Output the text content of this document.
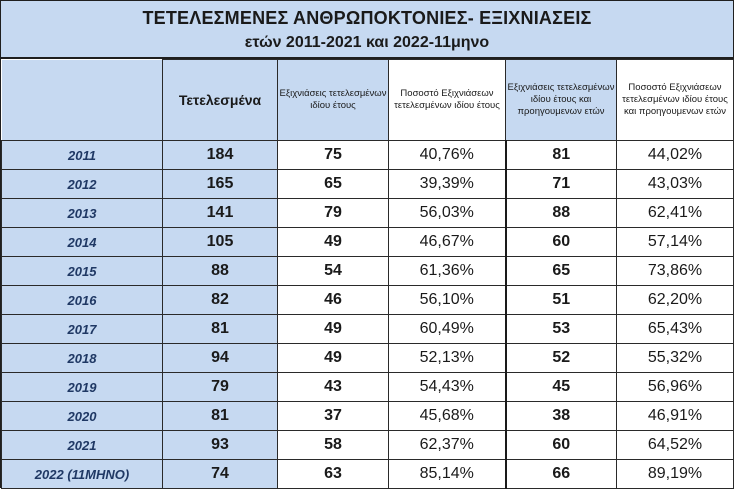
ΤΕΤΕΛΕΣΜΕΝΕΣ ΑΝΘΡΩΠΟΚΤΟΝΙΕΣ- ΕΞΙΧΝΙΑΣΕΙΣ
ετών 2011-2021 και 2022-11μηνο
	Τετελεσμένα	Εξιχνιάσεις τετελεσμένων ιδίου έτους	Ποσοστό Εξιχνιάσεων τετελεσμένων ιδίου έτους	Εξιχνιάσεις τετελεσμένων ιδίου έτους και προηγουμενων ετών	Ποσοστό Εξιχνιάσεων τετελεσμένων ιδίου έτους και προηγουμενων ετών
2011	184	75	40,76%	81	44,02%
2012	165	65	39,39%	71	43,03%
2013	141	79	56,03%	88	62,41%
2014	105	49	46,67%	60	57,14%
2015	88	54	61,36%	65	73,86%
2016	82	46	56,10%	51	62,20%
2017	81	49	60,49%	53	65,43%
2018	94	49	52,13%	52	55,32%
2019	79	43	54,43%	45	56,96%
2020	81	37	45,68%	38	46,91%
2021	93	58	62,37%	60	64,52%
2022 (11ΜΗΝΟ)	74	63	85,14%	66	89,19%
